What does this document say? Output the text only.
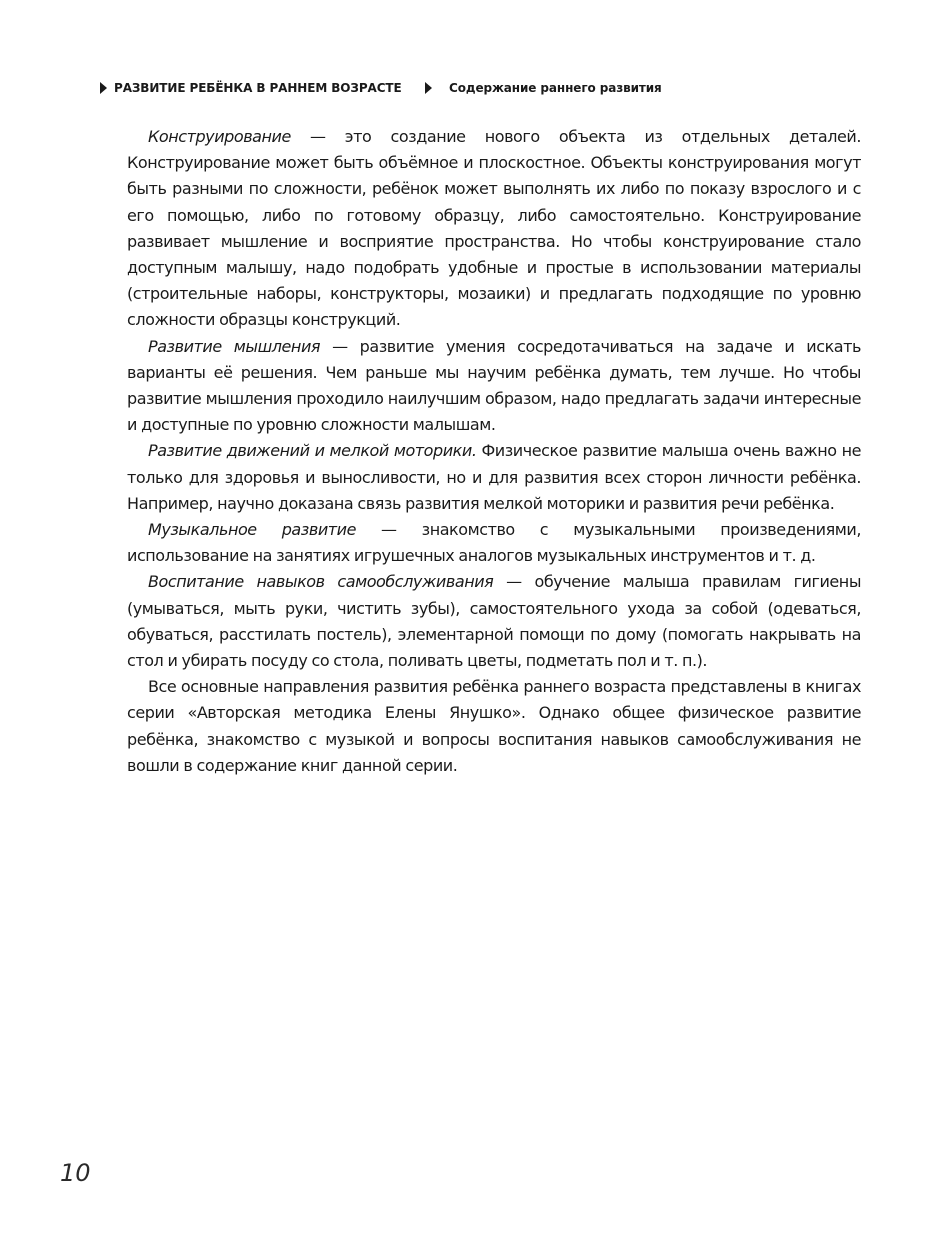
РАЗВИТИЕ РЕБЁНКА В РАННЕМ ВОЗРАСТЕ	Содержание раннего развития

Конструирование — это создание нового объекта из отдельных деталей. Конструирование может быть объёмное и плоскостное. Объекты конструирования могут быть разными по сложности, ребёнок может выполнять их либо по показу взрослого и с его помощью, либо по готовому образцу, либо самостоятельно. Конструирование развивает мышление и восприятие пространства. Но чтобы конструирование стало доступным малышу, надо подобрать удобные и простые в использовании материалы (строительные наборы, конструкторы, мозаики) и предлагать подходящие по уровню сложности образцы конструкций.

Развитие мышления — развитие умения сосредотачиваться на задаче и искать варианты её решения. Чем раньше мы научим ребёнка думать, тем лучше. Но чтобы развитие мышления проходило наилучшим образом, надо предлагать задачи интересные и доступные по уровню сложности малышам.

Развитие движений и мелкой моторики. Физическое развитие малыша очень важно не только для здоровья и выносливости, но и для развития всех сторон личности ребёнка. Например, научно доказана связь развития мелкой моторики и развития речи ребёнка.

Музыкальное развитие — знакомство с музыкальными произведениями, использование на занятиях игрушечных аналогов музыкальных инструментов и т. д.

Воспитание навыков самообслуживания — обучение малыша правилам гигиены (умываться, мыть руки, чистить зубы), самостоятельного ухода за собой (одеваться, обуваться, расстилать постель), элементарной помощи по дому (помогать накрывать на стол и убирать посуду со стола, поливать цветы, подметать пол и т. п.).

Все основные направления развития ребёнка раннего возраста представлены в книгах серии «Авторская методика Елены Янушко». Однако общее физическое развитие ребёнка, знакомство с музыкой и вопросы воспитания навыков самообслуживания не вошли в содержание книг данной серии.

10
